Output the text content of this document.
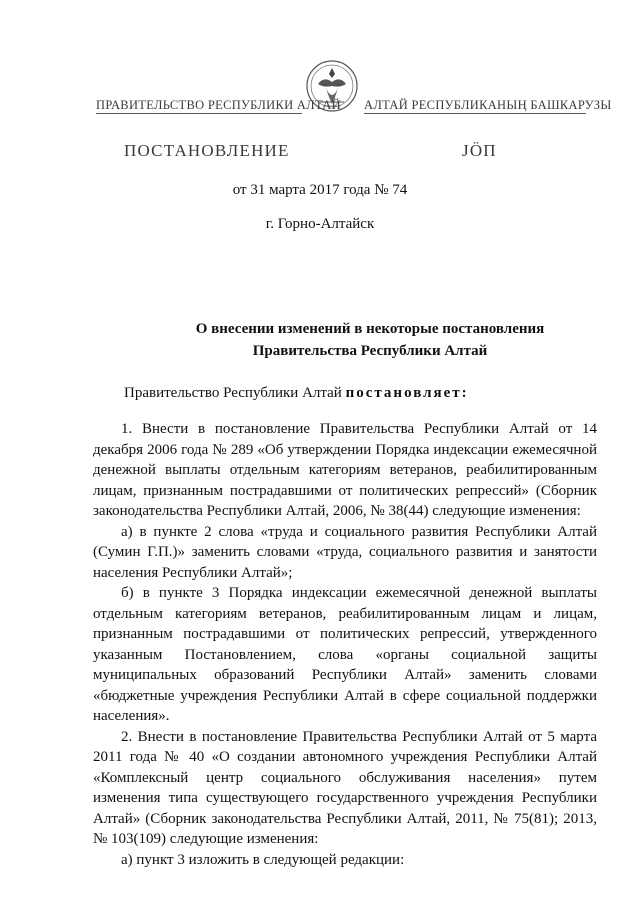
ПРАВИТЕЛЬСТВО РЕСПУБЛИКИ АЛТАЙ АЛТАЙ РЕСПУБЛИКАНЫҢ БАШКАРУЗЫ
ПОСТАНОВЛЕНИЕ	JӦП
от 31 марта 2017 года № 74
г. Горно-Алтайск
О внесении изменений в некоторые постановления
Правительства Республики Алтай
Правительство Республики Алтай постановляет:

1. Внести в постановление Правительства Республики Алтай от 14 декабря 2006 года № 289 «Об утверждении Порядка индексации ежемесячной денежной выплаты отдельным категориям ветеранов, реабилитированным лицам, признанным пострадавшими от политических репрессий» (Сборник законодательства Республики Алтай, 2006, № 38(44) следующие изменения:

а) в пункте 2 слова «труда и социального развития Республики Алтай (Сумин Г.П.)» заменить словами «труда, социального развития и занятости населения Республики Алтай»;

б) в пункте 3 Порядка индексации ежемесячной денежной выплаты отдельным категориям ветеранов, реабилитированным лицам и лицам, признанным пострадавшими от политических репрессий, утвержденного указанным Постановлением, слова «органы социальной защиты муниципальных образований Республики Алтай» заменить словами «бюджетные учреждения Республики Алтай в сфере социальной поддержки населения».

2. Внести в постановление Правительства Республики Алтай от 5 марта 2011 года № 40 «О создании автономного учреждения Республики Алтай «Комплексный центр социального обслуживания населения» путем изменения типа существующего государственного учреждения Республики Алтай» (Сборник законодательства Республики Алтай, 2011, № 75(81); 2013, № 103(109) следующие изменения:

а) пункт 3 изложить в следующей редакции:
